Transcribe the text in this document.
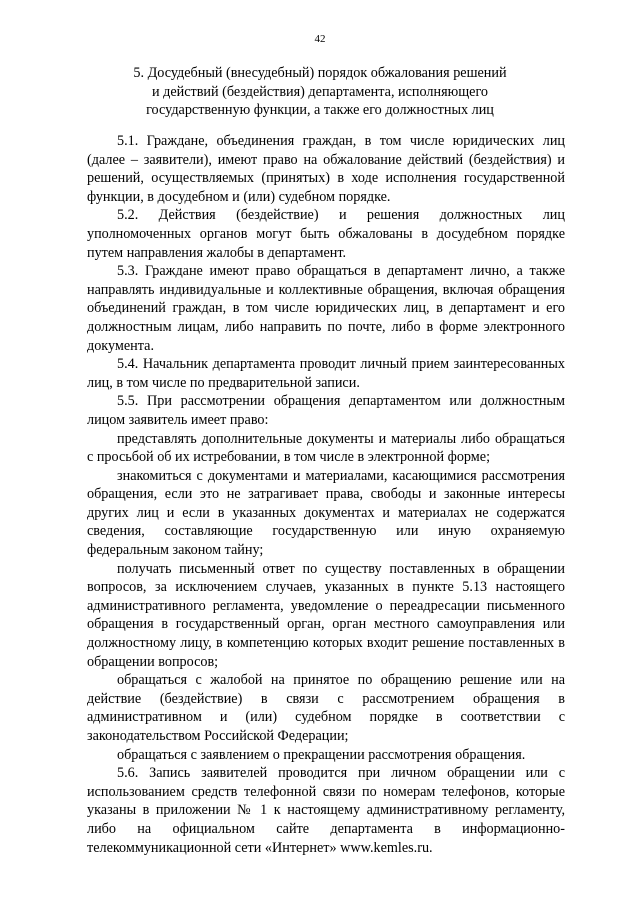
42
5. Досудебный (внесудебный) порядок обжалования решений
и действий (бездействия) департамента, исполняющего
государственную функции, а также его должностных лиц

5.1. Граждане, объединения граждан, в том числе юридических лиц (далее – заявители), имеют право на обжалование действий (бездействия) и решений, осуществляемых (принятых) в ходе исполнения государственной функции, в досудебном и (или) судебном порядке.

5.2. Действия (бездействие) и решения должностных лиц уполномоченных органов могут быть обжалованы в досудебном порядке путем направления жалобы в департамент.

5.3. Граждане имеют право обращаться в департамент лично, а также направлять индивидуальные и коллективные обращения, включая обращения объединений граждан, в том числе юридических лиц, в департамент и его должностным лицам, либо направить по почте, либо в форме электронного документа.

5.4. Начальник департамента проводит личный прием заинтересованных лиц, в том числе по предварительной записи.

5.5. При рассмотрении обращения департаментом или должностным лицом заявитель имеет право:

представлять дополнительные документы и материалы либо обращаться с просьбой об их истребовании, в том числе в электронной форме;

знакомиться с документами и материалами, касающимися рассмотрения обращения, если это не затрагивает права, свободы и законные интересы других лиц и если в указанных документах и материалах не содержатся сведения, составляющие государственную или иную охраняемую федеральным законом тайну;

получать письменный ответ по существу поставленных в обращении вопросов, за исключением случаев, указанных в пункте 5.13 настоящего административного регламента, уведомление о переадресации письменного обращения в государственный орган, орган местного самоуправления или должностному лицу, в компетенцию которых входит решение поставленных в обращении вопросов;

обращаться с жалобой на принятое по обращению решение или на действие (бездействие) в связи с рассмотрением обращения в административном и (или) судебном порядке в соответствии с законодательством Российской Федерации;

обращаться с заявлением о прекращении рассмотрения обращения.

5.6. Запись заявителей проводится при личном обращении или с использованием средств телефонной связи по номерам телефонов, которые указаны в приложении № 1 к настоящему административному регламенту, либо на официальном сайте департамента в информационно-телекоммуникационной сети «Интернет» www.kemles.ru.
